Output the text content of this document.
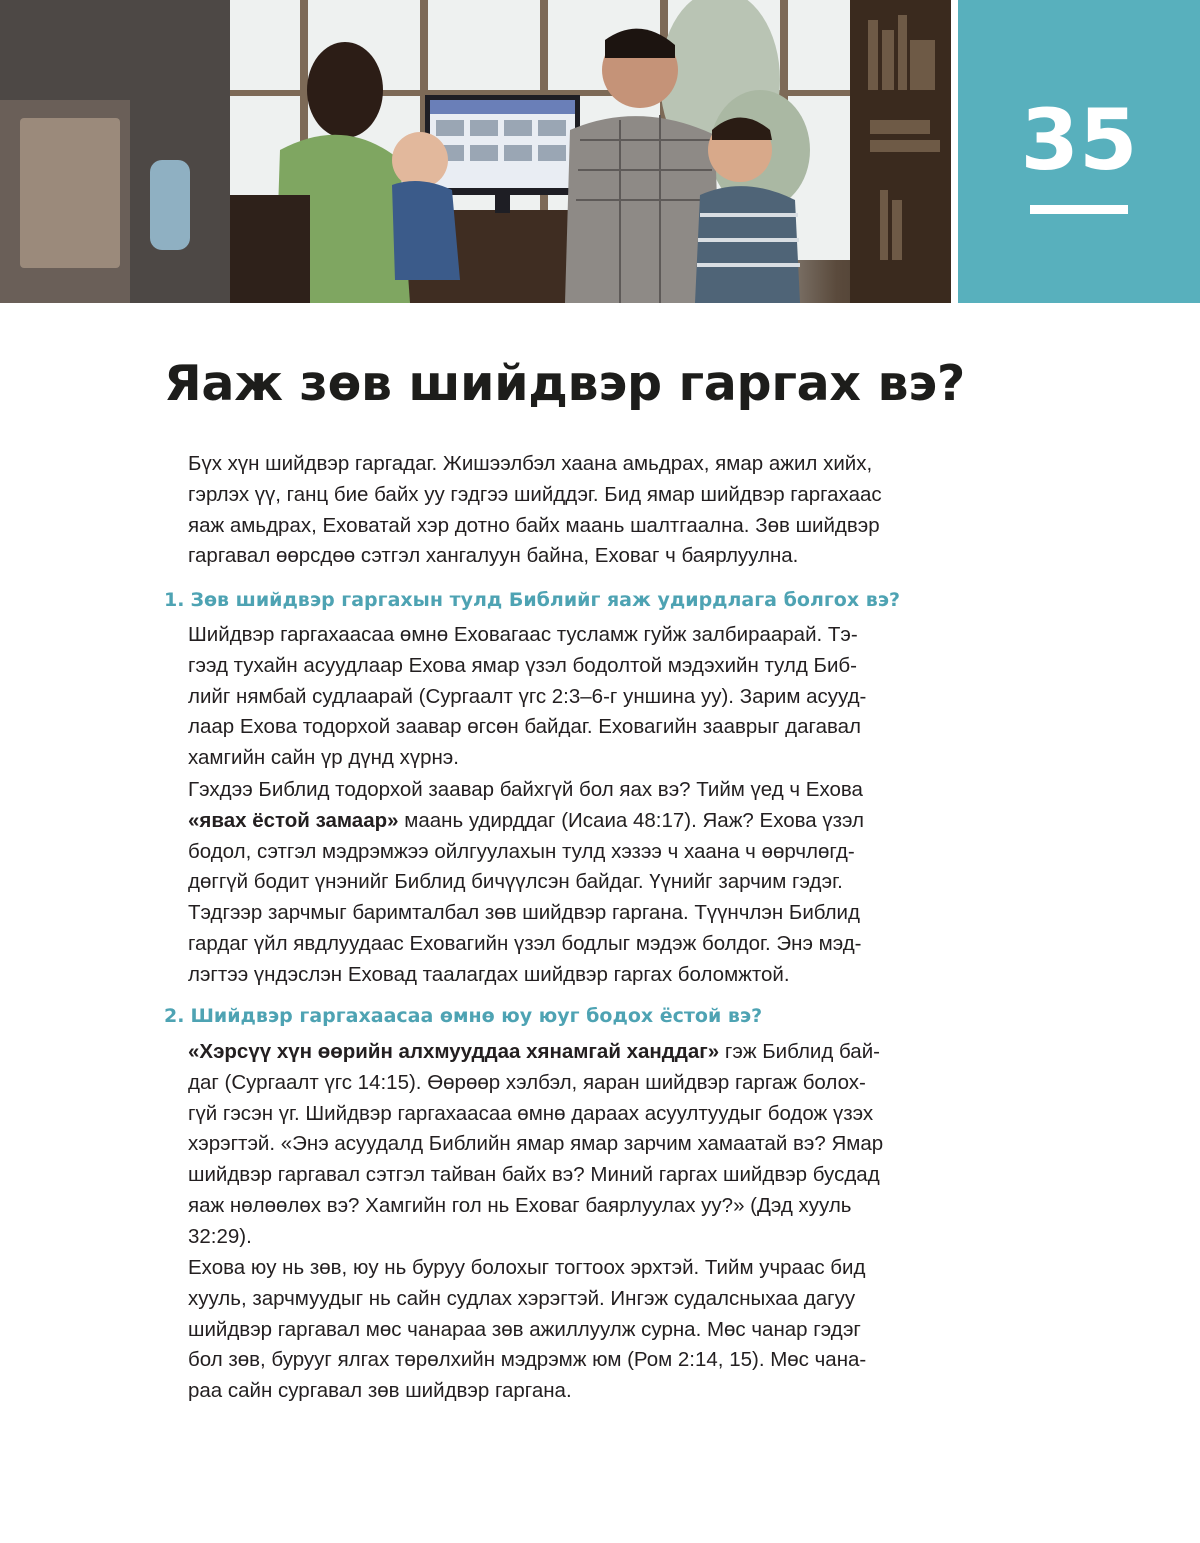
35
Яаж зөв шийдвэр гаргах вэ?
Бүх хүн шийдвэр гаргадаг. Жишээлбэл хаана амьдрах, ямар ажил хийх,
гэрлэх үү, ганц бие байх уу гэдгээ шийддэг. Бид ямар шийдвэр гаргахаас
яаж амьдрах, Еховатай хэр дотно байх маань шалтгаална. Зөв шийдвэр
гаргавал өөрсдөө сэтгэл хангалуун байна, Еховаг ч баярлуулна.
1. Зөв шийдвэр гаргахын тулд Библийг яаж удирдлага болгох вэ?
Шийдвэр гаргахаасаа өмнө Еховагаас тусламж гуйж залбираарай. Тэ-
гээд тухайн асуудлаар Ехова ямар үзэл бодолтой мэдэхийн тулд Биб-
лийг нямбай судлаарай (Сургаалт үгс 2:3–6-г уншина уу). Зарим асууд-
лаар Ехова тодорхой заавар өгсөн байдаг. Еховагийн зааврыг дагавал
хамгийн сайн үр дүнд хүрнэ.
Гэхдээ Библид тодорхой заавар байхгүй бол яах вэ? Тийм үед ч Ехова
«явах ёстой замаар» маань удирддаг (Исаиа 48:17). Яаж? Ехова үзэл
бодол, сэтгэл мэдрэмжээ ойлгуулахын тулд хэзээ ч хаана ч өөрчлөгд-
дөггүй бодит үнэнийг Библид бичүүлсэн байдаг. Үүнийг зарчим гэдэг.
Тэдгээр зарчмыг баримталбал зөв шийдвэр гаргана. Түүнчлэн Библид
гардаг үйл явдлуудаас Еховагийн үзэл бодлыг мэдэж болдог. Энэ мэд-
лэгтээ үндэслэн Еховад таалагдах шийдвэр гаргах боломжтой.
2. Шийдвэр гаргахаасаа өмнө юу юуг бодох ёстой вэ?
«Хэрсүү хүн өөрийн алхмууддаа хянамгай ханддаг» гэж Библид бай-
даг (Сургаалт үгс 14:15). Өөрөөр хэлбэл, яаран шийдвэр гаргаж болох-
гүй гэсэн үг. Шийдвэр гаргахаасаа өмнө дараах асуултуудыг бодож үзэх
хэрэгтэй. «Энэ асуудалд Библийн ямар ямар зарчим хамаатай вэ? Ямар
шийдвэр гаргавал сэтгэл тайван байх вэ? Миний гаргах шийдвэр бусдад
яаж нөлөөлөх вэ? Хамгийн гол нь Еховаг баярлуулах уу?» (Дэд хууль
32:29).
Ехова юу нь зөв, юу нь буруу болохыг тогтоох эрхтэй. Тийм учраас бид
хууль, зарчмуудыг нь сайн судлах хэрэгтэй. Ингэж судалсныхаа дагуу
шийдвэр гаргавал мөс чанараа зөв ажиллуулж сурна. Мөс чанар гэдэг
бол зөв, бурууг ялгах төрөлхийн мэдрэмж юм (Ром 2:14, 15). Мөс чана-
раа сайн сургавал зөв шийдвэр гаргана.
